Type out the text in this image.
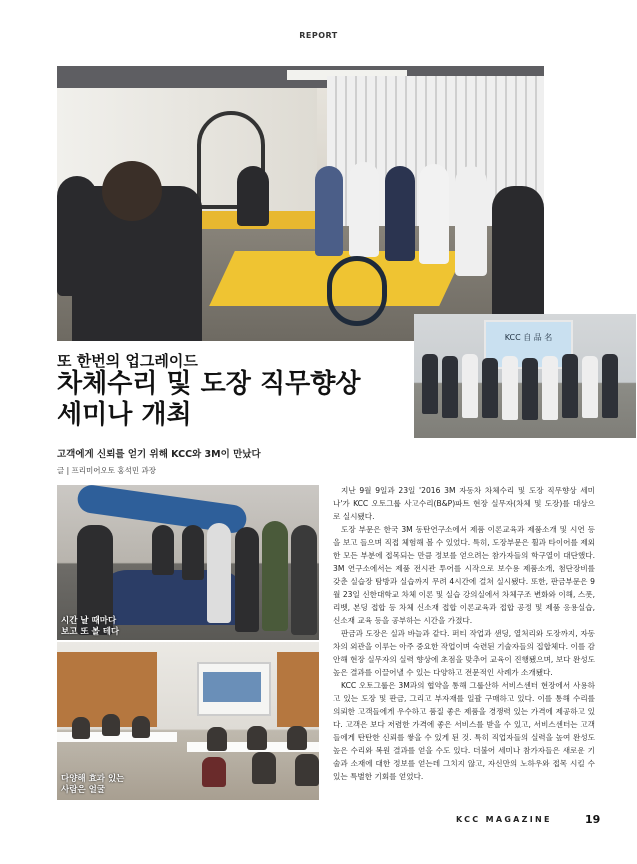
REPORT
KCC 自 品 名
또 한번의 업그레이드
차체수리 및 도장 직무향상
세미나 개최
고객에게 신뢰를 얻기 위해 KCC와 3M이 만났다
글 | 프리미어오토 홍석민 과장
시간 날 때마다
보고 또 볼 테다
다양해 효과 있는
사람은 얼굴

지난 9월 9일과 23일 '2016 3M 자동차 차체수리 및 도장 직무향상 세미나'가 KCC 오토그룹 사고수리(B&P)파트 현장 실무자(차체 및 도장)를 대상으로 실시됐다.

도장 부문은 한국 3M 동탄연구소에서 제품 이론교육과 제품소개 및 시연 등을 보고 들으며 직접 체험해 볼 수 있었다. 특히, 도장부문은 휠과 타이어를 제외한 모든 부분에 접목되는 만큼 정보를 얻으려는 참가자들의 학구열이 대단했다. 3M 연구소에서는 제품 전시관 투어를 시작으로 보수용 제품소개, 첨단장비를 갖춘 실습장 탐방과 실습까지 무려 4시간에 걸쳐 실시됐다. 또한, 판금부문은 9월 23일 신한대학교 차체 이론 및 실습 강의실에서 차체구조 변화와 이해, 스폿, 리벳, 본딩 접합 등 차체 신소재 접합 이론교육과 접합 공정 및 제품 응용실습, 신소재 교육 등을 공부하는 시간을 가졌다.

판금과 도장은 실과 바늘과 같다. 퍼티 작업과 샌딩, 열처리와 도장까지, 자동차의 외관을 이루는 아주 중요한 작업이며 숙련된 기술자들의 집합체다. 이를 감안해 현장 실무자의 실력 향상에 초점을 맞추어 교육이 진행됐으며, 보다 완성도 높은 결과를 이끌어낼 수 있는 다양하고 전문적인 사례가 소개됐다.

KCC 오토그룹은 3M과의 협약을 통해 그룹산하 서비스센터 현장에서 사용하고 있는 도장 및 판금, 그리고 부자재를 일괄 구매하고 있다. 이를 통해 수리를 의뢰한 고객들에게 우수하고 품질 좋은 제품을 경쟁력 있는 가격에 제공하고 있다. 고객은 보다 저렴한 가격에 좋은 서비스를 받을 수 있고, 서비스센터는 고객들에게 탄탄한 신뢰를 쌓을 수 있게 된 것. 특히 직업자들의 실력을 높여 완성도 높은 수리와 복원 결과를 얻을 수도 있다. 더불어 세미나 참가자들은 새로운 기술과 소재에 대한 정보를 얻는데 그치지 않고, 자신만의 노하우와 접목 시킬 수 있는 특별한 기회를 얻었다.

KCC MAGAZINE	19
